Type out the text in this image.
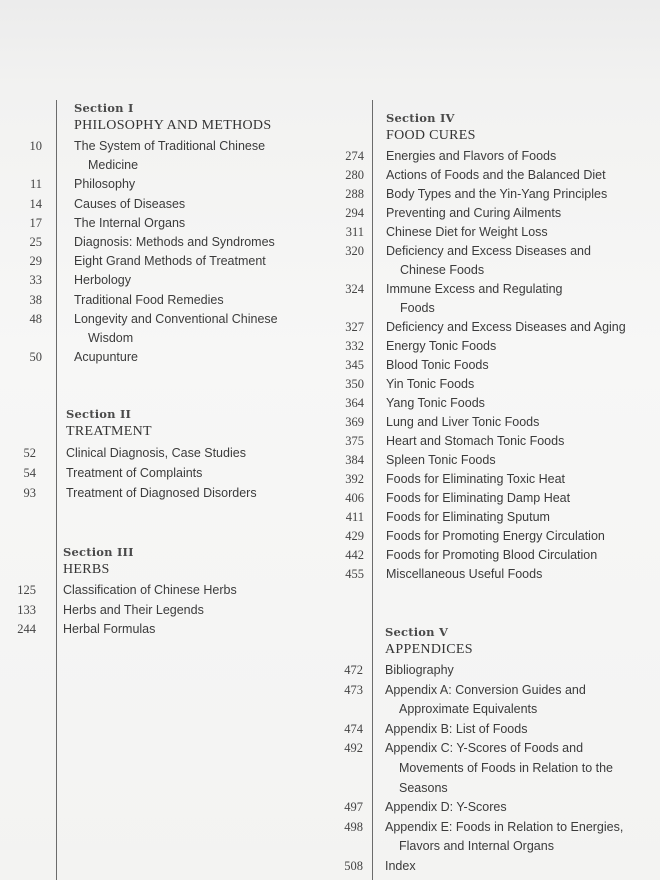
Section I
PHILOSOPHY AND METHODS
10	The System of Traditional Chinese
Medicine
11	Philosophy
14	Causes of Diseases
17	The Internal Organs
25	Diagnosis: Methods and Syndromes
29	Eight Grand Methods of Treatment
33	Herbology
38	Traditional Food Remedies
48	Longevity and Conventional Chinese
Wisdom
50	Acupunture
Section II
TREATMENT
52 Clinical Diagnosis, Case Studies
54 Treatment of Complaints
93 Treatment of Diagnosed Disorders
Section III
HERBS
125 Classification of Chinese Herbs
133 Herbs and Their Legends
244 Herbal Formulas
Section IV
FOOD CURES
274 Energies and Flavors of Foods
280 Actions of Foods and the Balanced Diet
288 Body Types and the Yin-Yang Principles
294 Preventing and Curing Ailments
311 Chinese Diet for Weight Loss
320 Deficiency and Excess Diseases and
Chinese Foods
324 Immune Excess and Regulating
Foods
327 Deficiency and Excess Diseases and Aging
332 Energy Tonic Foods
345 Blood Tonic Foods
350 Yin Tonic Foods
364 Yang Tonic Foods
369 Lung and Liver Tonic Foods
375 Heart and Stomach Tonic Foods
384 Spleen Tonic Foods
392 Foods for Eliminating Toxic Heat
406 Foods for Eliminating Damp Heat
411 Foods for Eliminating Sputum
429 Foods for Promoting Energy Circulation
442 Foods for Promoting Blood Circulation
455 Miscellaneous Useful Foods
Section V
APPENDICES
472 Bibliography
473 Appendix A: Conversion Guides and
Approximate Equivalents
474 Appendix B: List of Foods
492 Appendix C: Y-Scores of Foods and
Movements of Foods in Relation to the
Seasons
497 Appendix D: Y-Scores
498 Appendix E: Foods in Relation to Energies,
Flavors and Internal Organs
508 Index
